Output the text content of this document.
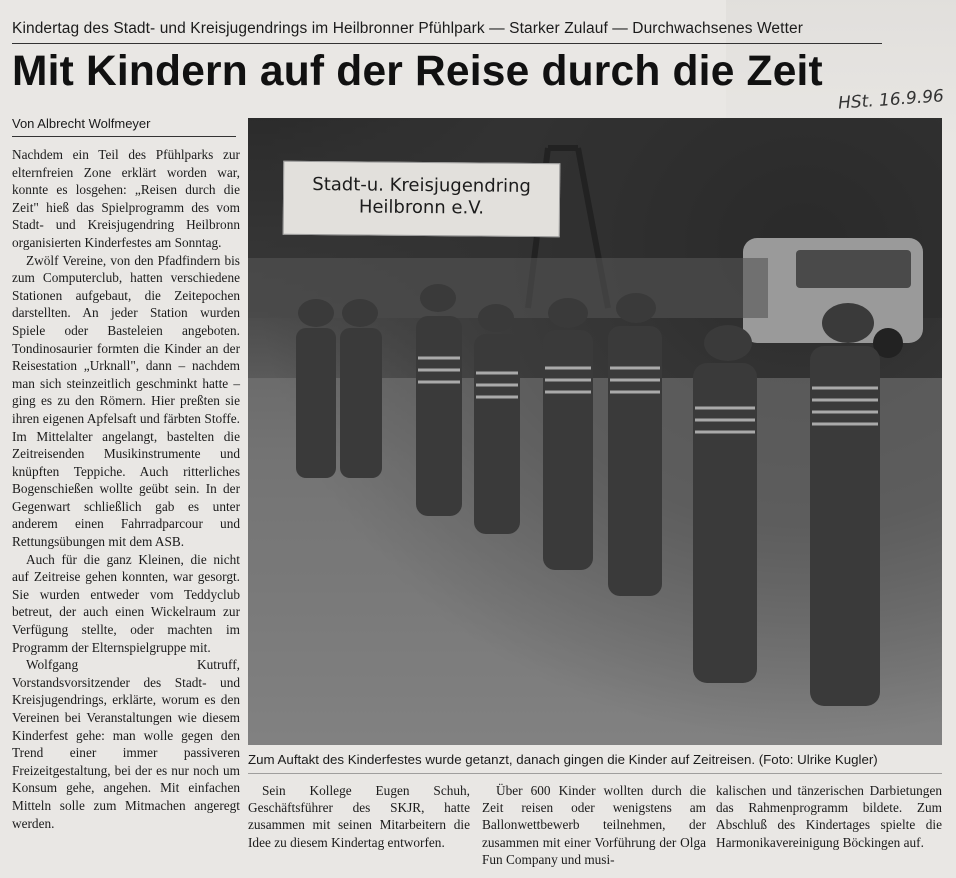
Kindertag des Stadt- und Kreisjugendrings im Heilbronner Pfühlpark — Starker Zulauf — Durchwachsenes Wetter
Mit Kindern auf der Reise durch die Zeit
HSt. 16.9.96
Von Albrecht Wolfmeyer

Nachdem ein Teil des Pfühlparks zur elternfreien Zone erklärt worden war, konnte es losgehen: „Reisen durch die Zeit" hieß das Spielprogramm des vom Stadt- und Kreisjugendring Heilbronn organisierten Kinderfestes am Sonntag.

Zwölf Vereine, von den Pfadfindern bis zum Computerclub, hatten verschiedene Stationen aufgebaut, die Zeitepochen darstellten. An jeder Station wurden Spiele oder Basteleien angeboten. Tondinosaurier formten die Kinder an der Reisestation „Urknall", dann – nachdem man sich steinzeitlich geschminkt hatte – ging es zu den Römern. Hier preßten sie ihren eigenen Apfelsaft und färbten Stoffe. Im Mittelalter angelangt, bastelten die Zeitreisenden Musikinstrumente und knüpften Teppiche. Auch ritterliches Bogenschießen wollte geübt sein. In der Gegenwart schließlich gab es unter anderem einen Fahrradparcour und Rettungsübungen mit dem ASB.

Auch für die ganz Kleinen, die nicht auf Zeitreise gehen konnten, war gesorgt. Sie wurden entweder vom Teddyclub betreut, der auch einen Wickelraum zur Verfügung stellte, oder machten im Programm der Elternspielgruppe mit.

Wolfgang Kutruff, Vorstandsvorsitzender des Stadt- und Kreisjugendrings, erklärte, worum es den Vereinen bei Veranstaltungen wie diesem Kinderfest gehe: man wolle gegen den Trend einer immer passiveren Freizeitgestaltung, bei der es nur noch um Konsum gehe, angehen. Mit einfachen Mitteln solle zum Mitmachen angeregt werden.

Stadt-u. Kreisjugendring
Heilbronn e.V.
Zum Auftakt des Kinderfestes wurde getanzt, danach gingen die Kinder auf Zeitreisen. (Foto: Ulrike Kugler)

Sein Kollege Eugen Schuh, Geschäftsführer des SKJR, hatte zusammen mit seinen Mitarbeitern die Idee zu diesem Kindertag entworfen.

Über 600 Kinder wollten durch die Zeit reisen oder wenigstens am Ballonwettbewerb teilnehmen, der zusammen mit einer Vorführung der Olga Fun Company und musi-

kalischen und tänzerischen Darbietungen das Rahmenprogramm bildete. Zum Abschluß des Kindertages spielte die Harmonikavereinigung Böckingen auf.
